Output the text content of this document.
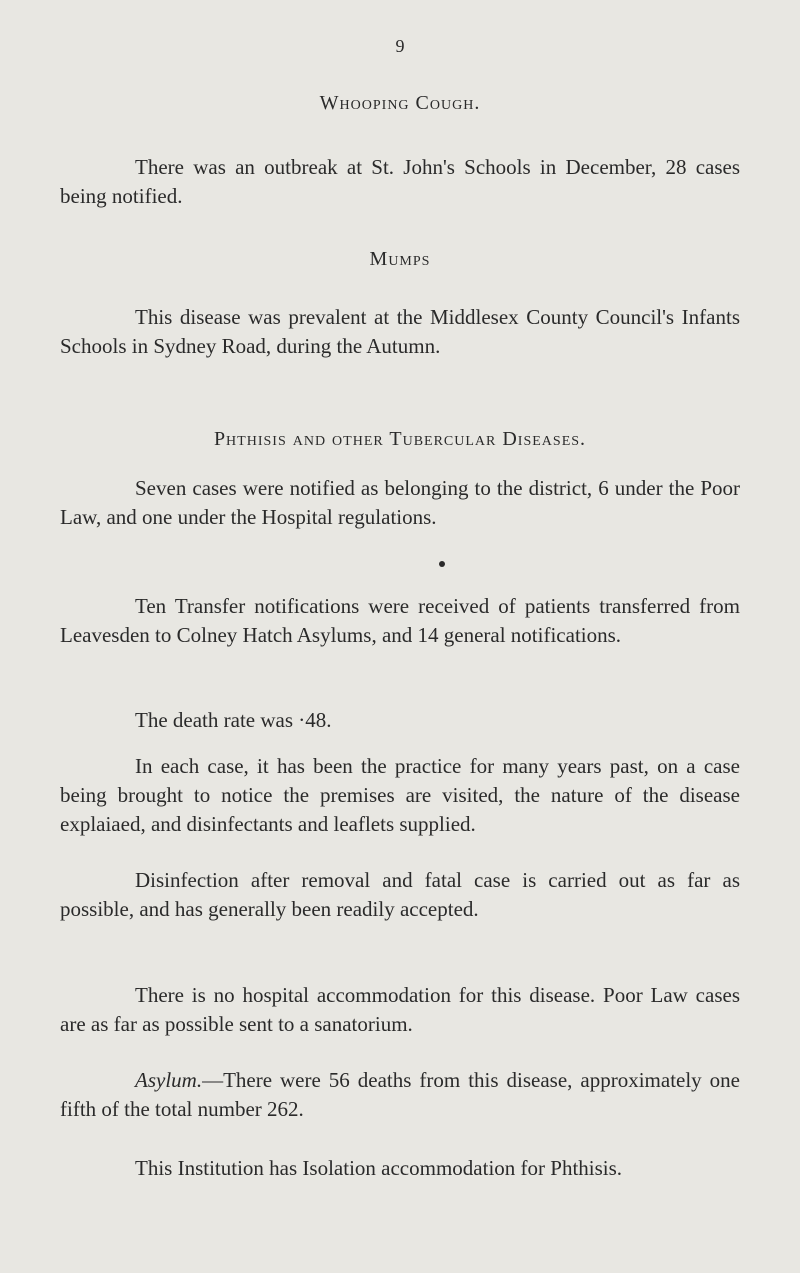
9
Whooping Cough.

There was an outbreak at St. John's Schools in December, 28 cases being notified.

Mumps

This disease was prevalent at the Middlesex County Council's Infants Schools in Sydney Road, during the Autumn.

Phthisis and other Tubercular Diseases.

Seven cases were notified as belonging to the district, 6 under the Poor Law, and one under the Hospital regulations.

Ten Transfer notifications were received of patients transferred from Leavesden to Colney Hatch Asylums, and 14 general notifications.

The death rate was ·48.

In each case, it has been the practice for many years past, on a case being brought to notice the premises are visited, the nature of the disease explaiaed, and disinfectants and leaflets supplied.

Disinfection after removal and fatal case is carried out as far as possible, and has generally been readily accepted.

There is no hospital accommodation for this disease. Poor Law cases are as far as possible sent to a sanatorium.

Asylum.—There were 56 deaths from this disease, approximately one fifth of the total number 262.

This Institution has Isolation accommodation for Phthisis.
